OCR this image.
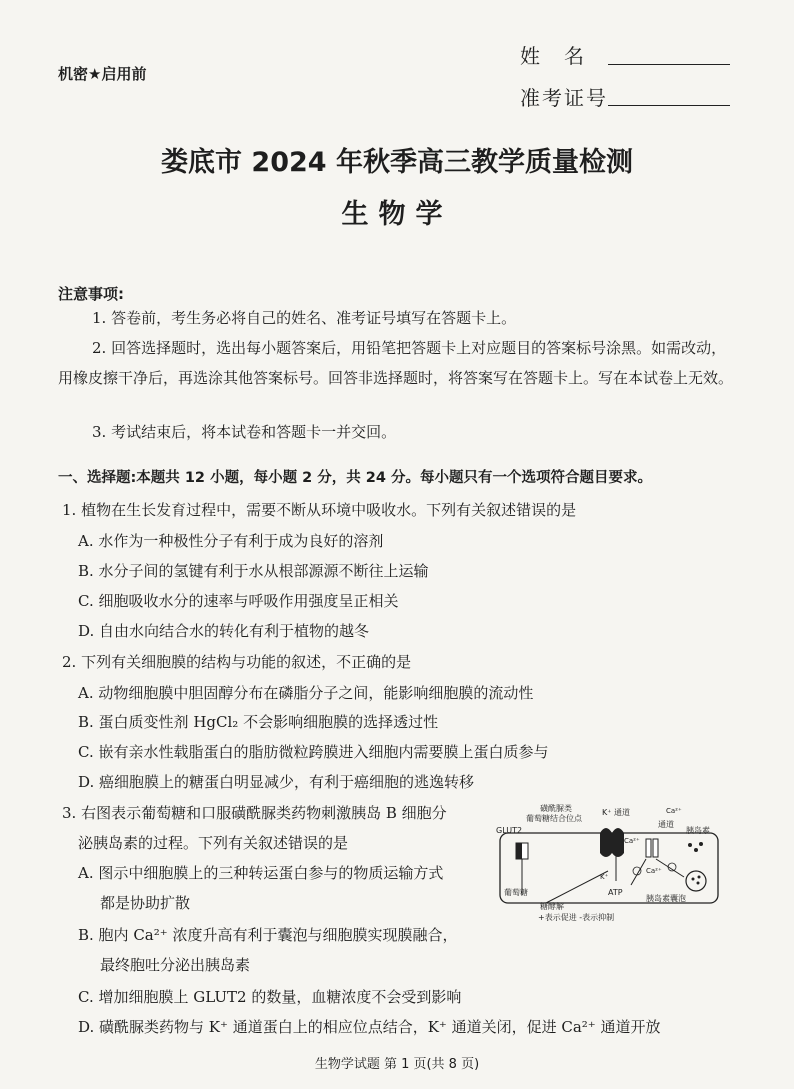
机密★启用前
姓名
准考证号
娄底市 2024 年秋季高三教学质量检测
生物学
注意事项:
1. 答卷前，考生务必将自己的姓名、准考证号填写在答题卡上。
2. 回答选择题时，选出每小题答案后，用铅笔把答题卡上对应题目的答案标号涂黑。如需改动，用橡皮擦干净后，再选涂其他答案标号。回答非选择题时，将答案写在答题卡上。写在本试卷上无效。
3. 考试结束后，将本试卷和答题卡一并交回。
一、选择题:本题共 12 小题，每小题 2 分，共 24 分。每小题只有一个选项符合题目要求。
1. 植物在生长发育过程中，需要不断从环境中吸收水。下列有关叙述错误的是
A. 水作为一种极性分子有利于成为良好的溶剂
B. 水分子间的氢键有利于水从根部源源不断往上运输
C. 细胞吸收水分的速率与呼吸作用强度呈正相关
D. 自由水向结合水的转化有利于植物的越冬
2. 下列有关细胞膜的结构与功能的叙述，不正确的是
A. 动物细胞膜中胆固醇分布在磷脂分子之间，能影响细胞膜的流动性
B. 蛋白质变性剂 HgCl₂ 不会影响细胞膜的选择透过性
C. 嵌有亲水性载脂蛋白的脂肪微粒跨膜进入细胞内需要膜上蛋白质参与
D. 癌细胞膜上的糖蛋白明显减少，有利于癌细胞的逃逸转移
3. 右图表示葡萄糖和口服磺酰脲类药物刺激胰岛 B 细胞分
泌胰岛素的过程。下列有关叙述错误的是
A. 图示中细胞膜上的三种转运蛋白参与的物质运输方式
都是协助扩散
B. 胞内 Ca²⁺ 浓度升高有利于囊泡与细胞膜实现膜融合，
最终胞吐分泌出胰岛素
C. 增加细胞膜上 GLUT2 的数量，血糖浓度不会受到影响
D. 磺酰脲类药物与 K⁺ 通道蛋白上的相应位点结合，K⁺ 通道关闭，促进 Ca²⁺ 通道开放
磺酰脲类
葡萄糖结合位点
K⁺ 通道	Ca²⁺
通道
胰岛素
GLUT2
Ca²⁺
Ca²⁺
K⁺
ATP
葡萄糖
糖酵解
胰岛素囊泡
+表示促进 -表示抑制
生物学试题 第 1 页(共 8 页)
